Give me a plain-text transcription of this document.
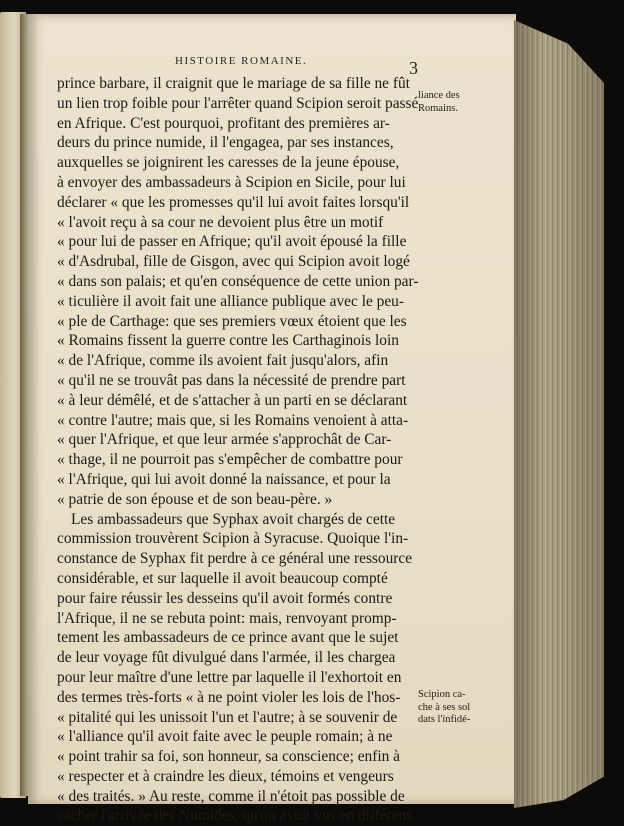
HISTOIRE ROMAINE.	3
prince barbare, il craignit que le mariage de sa fille ne fût
un lien trop foible pour l'arrêter quand Scipion seroit passé
en Afrique. C'est pourquoi, profitant des premières ar-
deurs du prince numide, il l'engagea, par ses instances,
auxquelles se joignirent les caresses de la jeune épouse,
à envoyer des ambassadeurs à Scipion en Sicile, pour lui
déclarer « que les promesses qu'il lui avoit faites lorsqu'il
« l'avoit reçu à sa cour ne devoient plus être un motif
« pour lui de passer en Afrique; qu'il avoit épousé la fille
« d'Asdrubal, fille de Gisgon, avec qui Scipion avoit logé
« dans son palais; et qu'en conséquence de cette union par-
« ticulière il avoit fait une alliance publique avec le peu-
« ple de Carthage: que ses premiers vœux étoient que les
« Romains fissent la guerre contre les Carthaginois loin
« de l'Afrique, comme ils avoient fait jusqu'alors, afin
« qu'il ne se trouvât pas dans la nécessité de prendre part
« à leur démêlé, et de s'attacher à un parti en se déclarant
« contre l'autre; mais que, si les Romains venoient à atta-
« quer l'Afrique, et que leur armée s'approchât de Car-
« thage, il ne pourroit pas s'empêcher de combattre pour
« l'Afrique, qui lui avoit donné la naissance, et pour la
« patrie de son épouse et de son beau-père. »
Les ambassadeurs que Syphax avoit chargés de cette
commission trouvèrent Scipion à Syracuse. Quoique l'in-
constance de Syphax fit perdre à ce général une ressource
considérable, et sur laquelle il avoit beaucoup compté
pour faire réussir les desseins qu'il avoit formés contre
l'Afrique, il ne se rebuta point: mais, renvoyant promp-
tement les ambassadeurs de ce prince avant que le sujet
de leur voyage fût divulgué dans l'armée, il les chargea
pour leur maître d'une lettre par laquelle il l'exhortoit en
des termes très-forts « à ne point violer les lois de l'hos-
« pitalité qui les unissoit l'un et l'autre; à se souvenir de
« l'alliance qu'il avoit faite avec le peuple romain; à ne
« point trahir sa foi, son honneur, sa conscience; enfin à
« respecter et à craindre les dieux, témoins et vengeurs
« des traités. » Au reste, comme il n'étoit pas possible de
cacher l'arrivée des Numides, qu'on avoit vus en différens
liance des
Romains.
Scipion ca-
che à ses sol
dats l'infidé-
